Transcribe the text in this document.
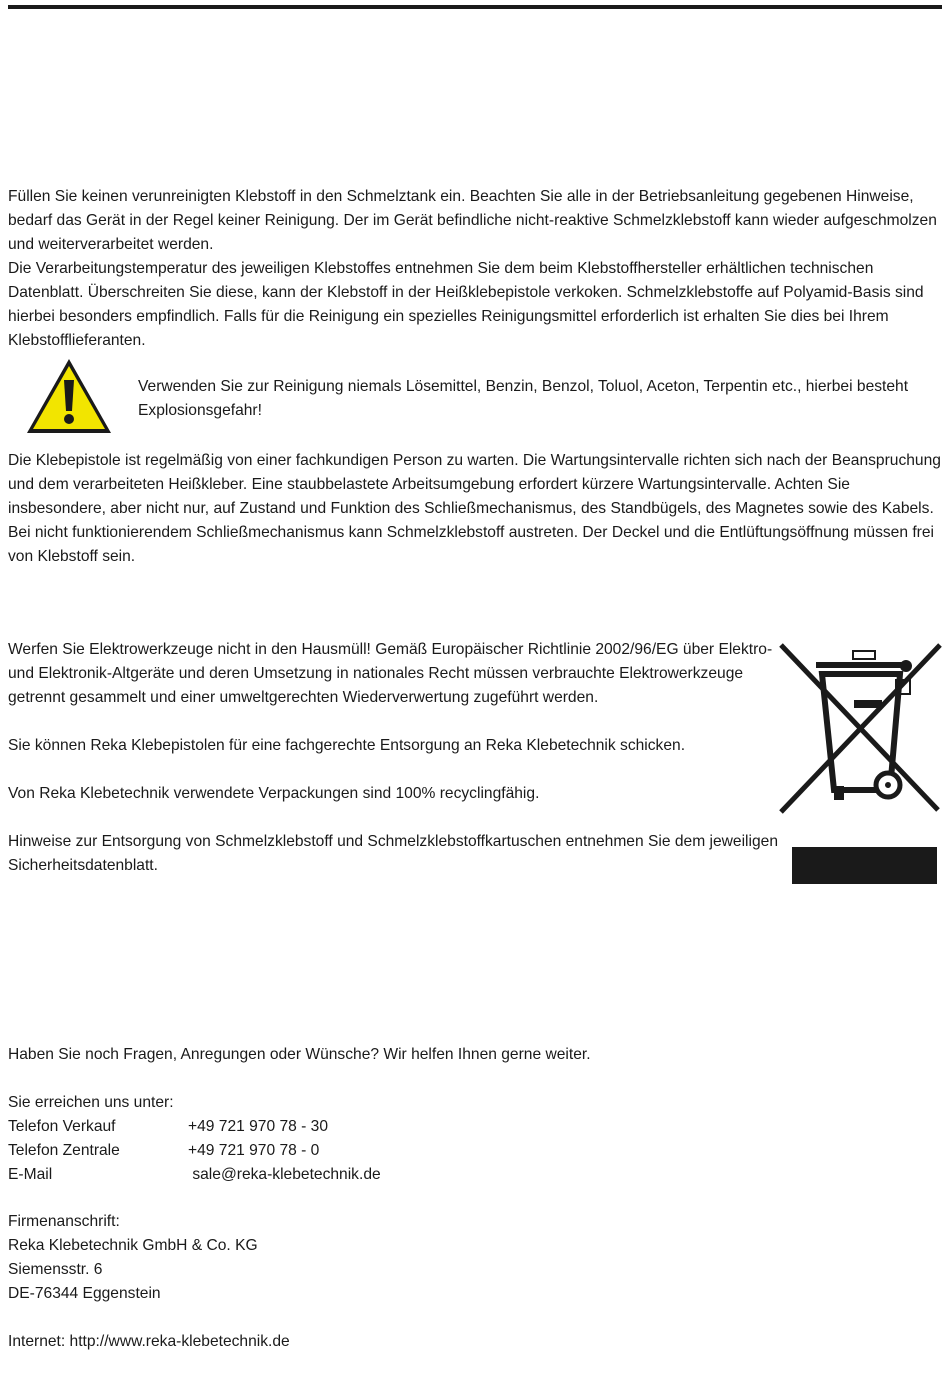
Füllen Sie keinen verunreinigten Klebstoff in den Schmelztank ein. Beachten Sie alle in der Betriebsanleitung gegebenen Hinweise, bedarf das Gerät in der Regel keiner Reinigung. Der im Gerät befindliche nicht-reaktive Schmelzklebstoff kann wieder aufgeschmolzen und weiterverarbeitet werden.
Die Verarbeitungstemperatur des jeweiligen Klebstoffes entnehmen Sie dem beim Klebstoffhersteller erhältlichen technischen Datenblatt. Überschreiten Sie diese, kann der Klebstoff in der Heißklebepistole verkoken. Schmelzklebstoffe auf Polyamid-Basis sind hierbei besonders empfindlich. Falls für die Reinigung ein spezielles Reinigungsmittel erforderlich ist erhalten Sie dies bei Ihrem Klebstofflieferanten.

Verwenden Sie zur Reinigung niemals Lösemittel, Benzin, Benzol, Toluol, Aceton, Terpentin etc., hierbei besteht Explosionsgefahr!

Die Klebepistole ist regelmäßig von einer fachkundigen Person zu warten. Die Wartungsintervalle richten sich nach der Beanspruchung und dem verarbeiteten Heißkleber. Eine staubbelastete Arbeitsumgebung erfordert kürzere Wartungsintervalle. Achten Sie insbesondere, aber nicht nur, auf Zustand und Funktion des Schließmechanismus, des Standbügels, des Magnetes sowie des Kabels. Bei nicht funktionierendem Schließmechanismus kann Schmelzklebstoff austreten. Der Deckel und die Entlüftungsöffnung müssen frei von Klebstoff sein.

Werfen Sie Elektrowerkzeuge nicht in den Hausmüll! Gemäß Europäischer Richtlinie 2002/96/EG über Elektro- und Elektronik-Altgeräte und deren Umsetzung in nationales Recht müssen verbrauchte Elektrowerkzeuge getrennt gesammelt und einer umweltgerechten Wiederverwertung zugeführt werden.

Sie können Reka Klebepistolen für eine fachgerechte Entsorgung an Reka Klebetechnik schicken.

Von Reka Klebetechnik verwendete Verpackungen sind 100% recyclingfähig.

Hinweise zur Entsorgung von Schmelzklebstoff und Schmelzklebstoffkartuschen entnehmen Sie dem jeweiligen Sicherheitsdatenblatt.

Haben Sie noch Fragen, Anregungen oder Wünsche? Wir helfen Ihnen gerne weiter.

Sie erreichen uns unter:

Telefon Verkauf	+49 721 970 78 - 30
Telefon Zentrale	+49 721 970 78 - 0
E-Mail	sale@reka-klebetechnik.de

Firmenanschrift:
Reka Klebetechnik GmbH & Co. KG
Siemensstr. 6
DE-76344 Eggenstein

Internet: http://www.reka-klebetechnik.de
